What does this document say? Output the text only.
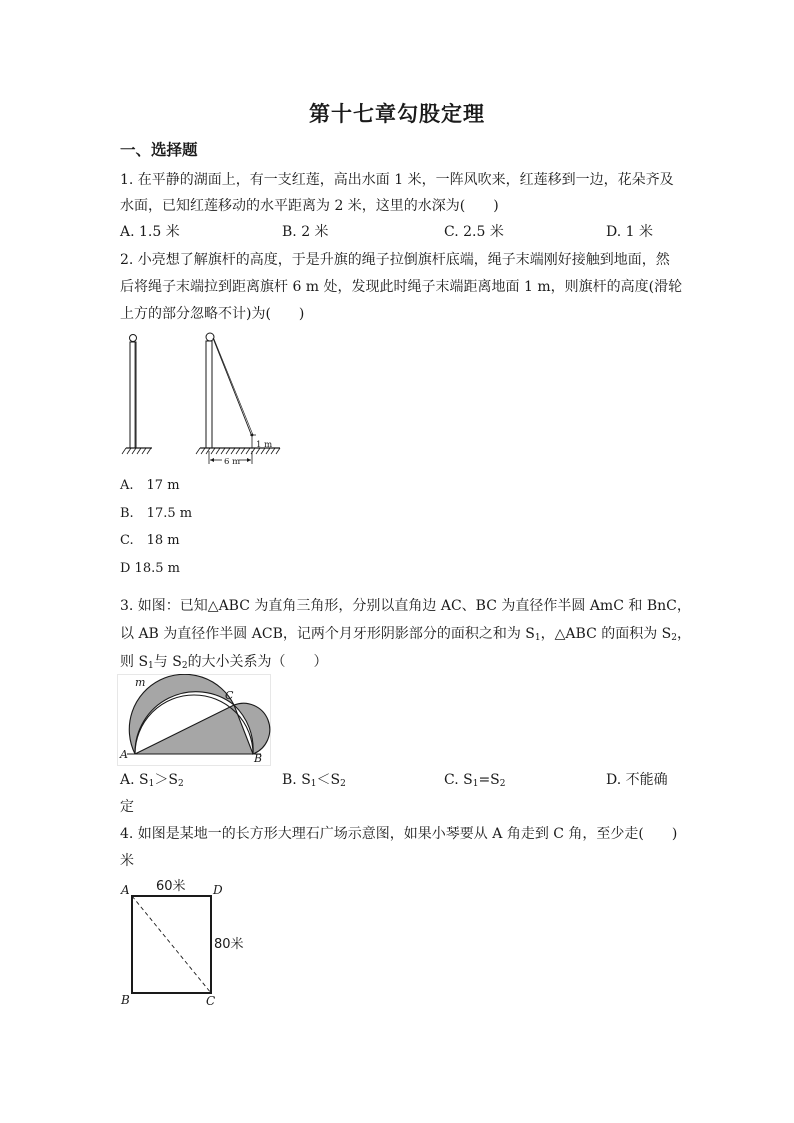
第十七章勾股定理
一、选择题
1. 在平静的湖面上，有一支红莲，高出水面 1 米，一阵风吹来，红莲移到一边，花朵齐及
水面，已知红莲移动的水平距离为 2 米，这里的水深为(　　)
A. 1.5 米	B. 2 米	C. 2.5 米	D. 1 米
2. 小亮想了解旗杆的高度，于是升旗的绳子拉倒旗杆底端，绳子末端刚好接触到地面，然
后将绳子末端拉到距离旗杆 6 m 处，发现此时绳子末端距离地面 1 m，则旗杆的高度(滑轮
上方的部分忽略不计)为(　　)
1 m
6 m
A.　17 m
B.　17.5 m
C.　18 m
D 18.5 m
3. 如图：已知△ABC 为直角三角形，分别以直角边 AC、BC 为直径作半圆 AmC 和 BnC，
以 AB 为直径作半圆 ACB，记两个月牙形阴影部分的面积之和为 $S_1$，△ABC 的面积为 $S_2$，
则 $S_1$与 $S_2$的大小关系为（　　）
m
C
A	B
A. $S_1>S_2$	B. $S_1<S_2$	C. $S_1=S_2$	D. 不能确
定
4. 如图是某地一的长方形大理石广场示意图，如果小琴要从 A 角走到 C 角，至少走(　　)
米
A	D
B	C
60米
80米
